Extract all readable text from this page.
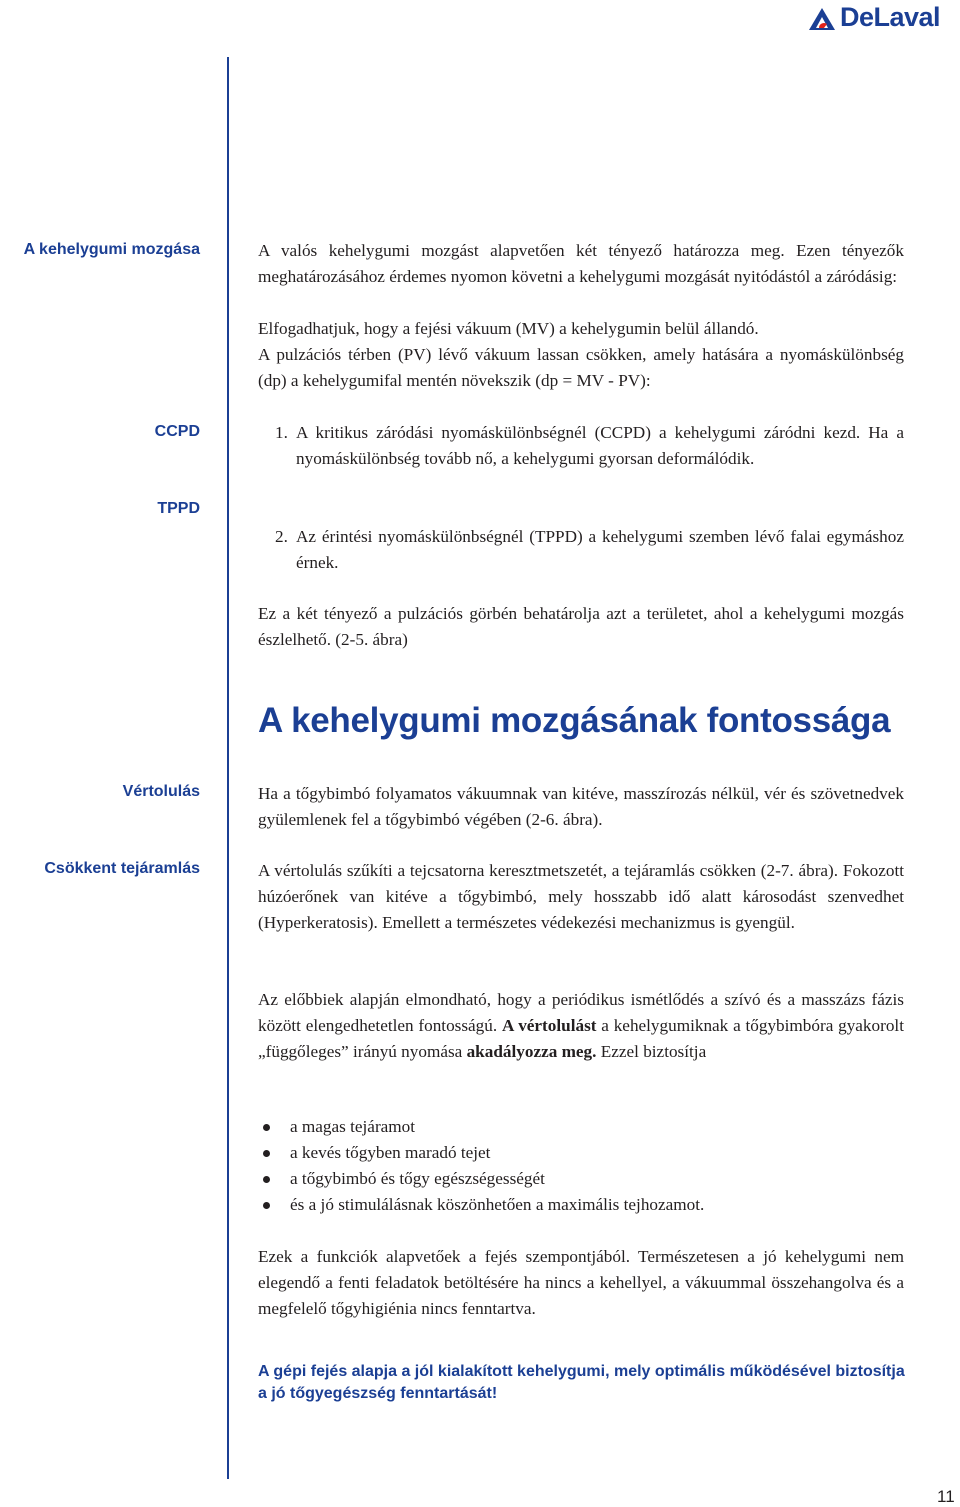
DeLaval
A kehelygumi mozgása
CCPD
TPPD
Vértolulás
Csökkent tejáramlás

A valós kehelygumi mozgást alapvetően két tényező határozza meg. Ezen tényezők meghatározásához érdemes nyomon követni a kehelygumi mozgását nyitódástól a záródásig:

Elfogadhatjuk, hogy a fejési vákuum (MV) a kehelygumin belül állandó.

A pulzációs térben (PV) lévő vákuum lassan csökken, amely hatására a nyomáskülönbség (dp) a kehelygumifal mentén növekszik (dp = MV - PV):

1. A kritikus záródási nyomáskülönbségnél (CCPD) a kehelygumi záródni kezd. Ha a nyomáskülönbség tovább nő, a kehelygumi gyorsan deformálódik.

2. Az érintési nyomáskülönbségnél (TPPD) a kehelygumi szemben lévő falai egymáshoz érnek.

Ez a két tényező a pulzációs görbén behatárolja azt a területet, ahol a kehelygumi mozgás észlelhető. (2-5. ábra)

A kehelygumi mozgásának fontossága

Ha a tőgybimbó folyamatos vákuumnak van kitéve, masszírozás nélkül, vér és szövetnedvek gyülemlenek fel a tőgybimbó végében (2-6. ábra).

A vértolulás szűkíti a tejcsatorna keresztmetszetét, a tejáramlás csökken (2-7. ábra). Fokozott húzóerőnek van kitéve a tőgybimbó, mely hosszabb idő alatt károsodást szenvedhet (Hyperkeratosis). Emellett a természetes védekezési mechanizmus is gyengül.

Az előbbiek alapján elmondható, hogy a periódikus ismétlődés a szívó és a masszázs fázis között elengedhetetlen fontosságú. A vértolulást a kehelygumiknak a tőgybimbóra gyakorolt „függőleges” irányú nyomása akadályozza meg. Ezzel biztosítja

a magas tejáramot
a kevés tőgyben maradó tejet
a tőgybimbó és tőgy egészségességét
és a jó stimulálásnak köszönhetően a maximális tejhozamot.

Ezek a funkciók alapvetőek a fejés szempontjából. Természetesen a jó kehelygumi nem elegendő a fenti feladatok betöltésére ha nincs a kehellyel, a vákuummal összehangolva és a megfelelő tőgyhigiénia nincs fenntartva.

A gépi fejés alapja a jól kialakított kehelygumi, mely optimális működésével biztosítja a jó tőgyegészség fenntartását!

11
